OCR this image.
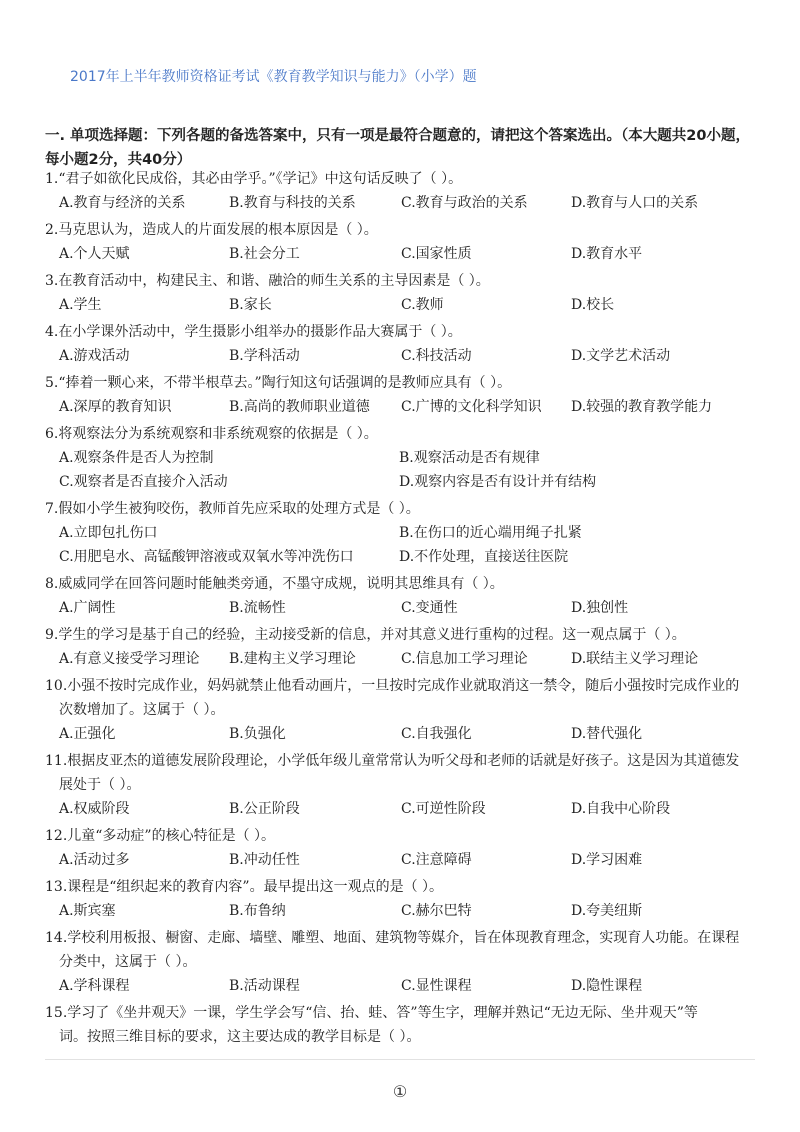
2017年上半年教师资格证考试《教育教学知识与能力》（小学）题
一. 单项选择题：下列各题的备选答案中，只有一项是最符合题意的，请把这个答案选出。（本大题共20小题，每小题2分，共40分）
1.“君子如欲化民成俗，其必由学乎。”《学记》中这句话反映了（ ）。
A.教育与经济的关系	B.教育与科技的关系	C.教育与政治的关系	D.教育与人口的关系
2.马克思认为，造成人的片面发展的根本原因是（ ）。
A.个人天赋	B.社会分工	C.国家性质	D.教育水平
3.在教育活动中，构建民主、和谐、融洽的师生关系的主导因素是（ ）。
A.学生	B.家长	C.教师	D.校长
4.在小学课外活动中，学生摄影小组举办的摄影作品大赛属于（ ）。
A.游戏活动	B.学科活动	C.科技活动	D.文学艺术活动
5.“捧着一颗心来，不带半根草去。”陶行知这句话强调的是教师应具有（ ）。
A.深厚的教育知识	B.高尚的教师职业道德	C.广博的文化科学知识	D.较强的教育教学能力
6.将观察法分为系统观察和非系统观察的依据是（ ）。
A.观察条件是否人为控制	B.观察活动是否有规律
C.观察者是否直接介入活动	D.观察内容是否有设计并有结构
7.假如小学生被狗咬伤，教师首先应采取的处理方式是（ ）。
A.立即包扎伤口	B.在伤口的近心端用绳子扎紧
C.用肥皂水、高锰酸钾溶液或双氧水等冲洗伤口	D.不作处理，直接送往医院
8.威威同学在回答问题时能触类旁通，不墨守成规，说明其思维具有（ ）。
A.广阔性	B.流畅性	C.变通性	D.独创性
9.学生的学习是基于自己的经验，主动接受新的信息，并对其意义进行重构的过程。这一观点属于（ ）。
A.有意义接受学习理论	B.建构主义学习理论	C.信息加工学习理论	D.联结主义学习理论
10.小强不按时完成作业，妈妈就禁止他看动画片，一旦按时完成作业就取消这一禁令，随后小强按时完成作业的
次数增加了。这属于（ ）。
A.正强化	B.负强化	C.自我强化	D.替代强化
11.根据皮亚杰的道德发展阶段理论，小学低年级儿童常常认为听父母和老师的话就是好孩子。这是因为其道德发
展处于（ ）。
A.权威阶段	B.公正阶段	C.可逆性阶段	D.自我中心阶段
12.儿童“多动症”的核心特征是（ ）。
A.活动过多	B.冲动任性	C.注意障碍	D.学习困难
13.课程是“组织起来的教育内容”。最早提出这一观点的是（ ）。
A.斯宾塞	B.布鲁纳	C.赫尔巴特	D.夸美纽斯
14.学校利用板报、橱窗、走廊、墙壁、雕塑、地面、建筑物等媒介，旨在体现教育理念，实现育人功能。在课程
分类中，这属于（ ）。
A.学科课程	B.活动课程	C.显性课程	D.隐性课程
15.学习了《坐井观天》一课，学生学会写“信、抬、蛙、答”等生字，理解并熟记“无边无际、坐井观天”等
词。按照三维目标的要求，这主要达成的教学目标是（ ）。
①
